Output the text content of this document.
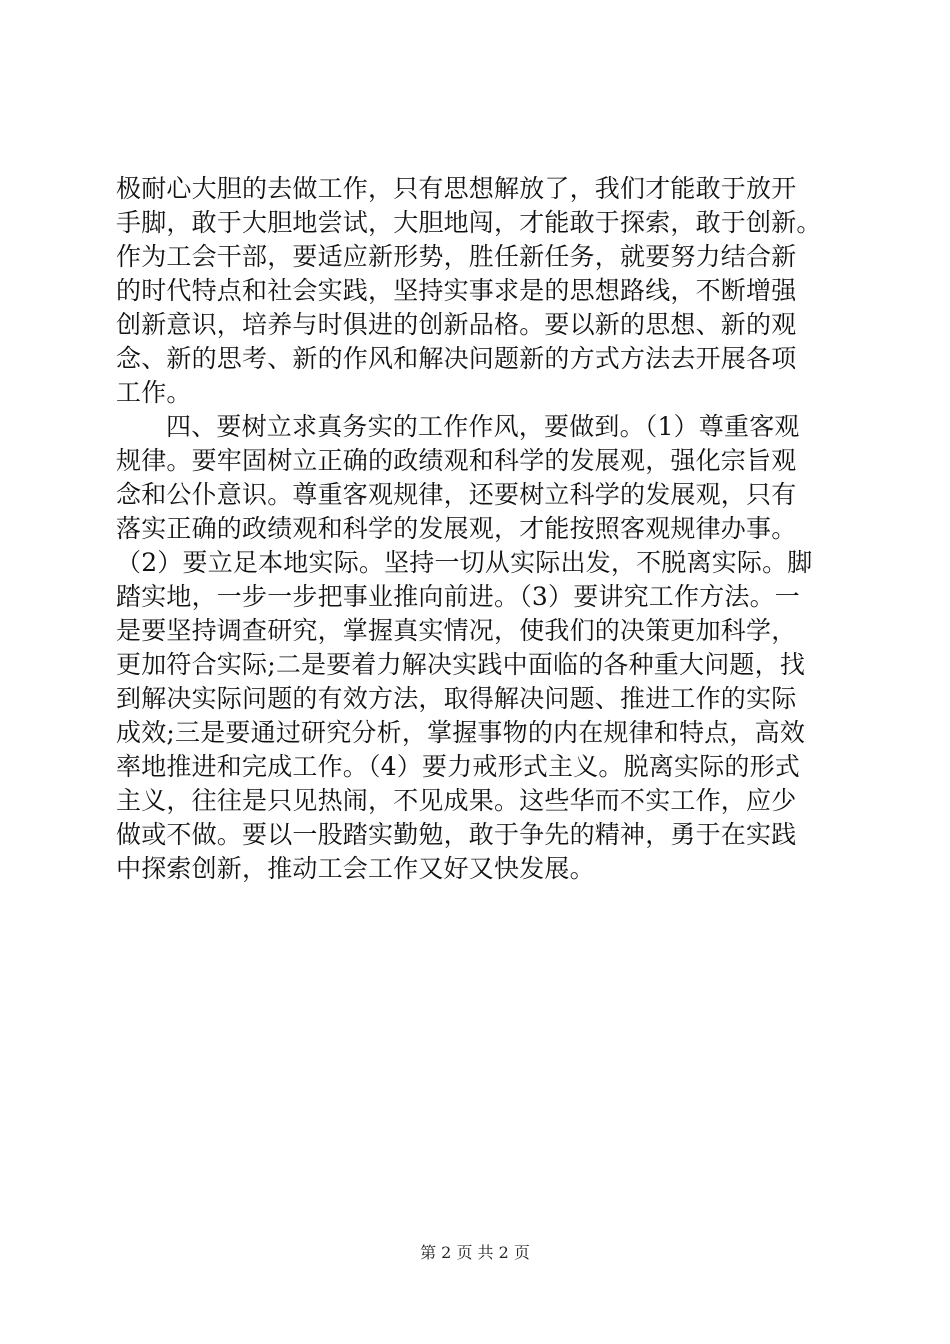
极耐心大胆的去做工作，只有思想解放了，我们才能敢于放开
手脚，敢于大胆地尝试，大胆地闯，才能敢于探索，敢于创新。
作为工会干部，要适应新形势，胜任新任务，就要努力结合新
的时代特点和社会实践，坚持实事求是的思想路线，不断增强
创新意识，培养与时俱进的创新品格。要以新的思想、新的观
念、新的思考、新的作风和解决问题新的方式方法去开展各项
工作。
四、要树立求真务实的工作作风，要做到。（1）尊重客观
规律。要牢固树立正确的政绩观和科学的发展观，强化宗旨观
念和公仆意识。尊重客观规律，还要树立科学的发展观，只有
落实正确的政绩观和科学的发展观，才能按照客观规律办事。
（2）要立足本地实际。坚持一切从实际出发，不脱离实际。脚
踏实地，一步一步把事业推向前进。（3）要讲究工作方法。一
是要坚持调查研究，掌握真实情况，使我们的决策更加科学，
更加符合实际;二是要着力解决实践中面临的各种重大问题，找
到解决实际问题的有效方法，取得解决问题、推进工作的实际
成效;三是要通过研究分析，掌握事物的内在规律和特点，高效
率地推进和完成工作。（4）要力戒形式主义。脱离实际的形式
主义，往往是只见热闹，不见成果。这些华而不实工作，应少
做或不做。要以一股踏实勤勉，敢于争先的精神，勇于在实践
中探索创新，推动工会工作又好又快发展。
第 2 页 共 2 页
